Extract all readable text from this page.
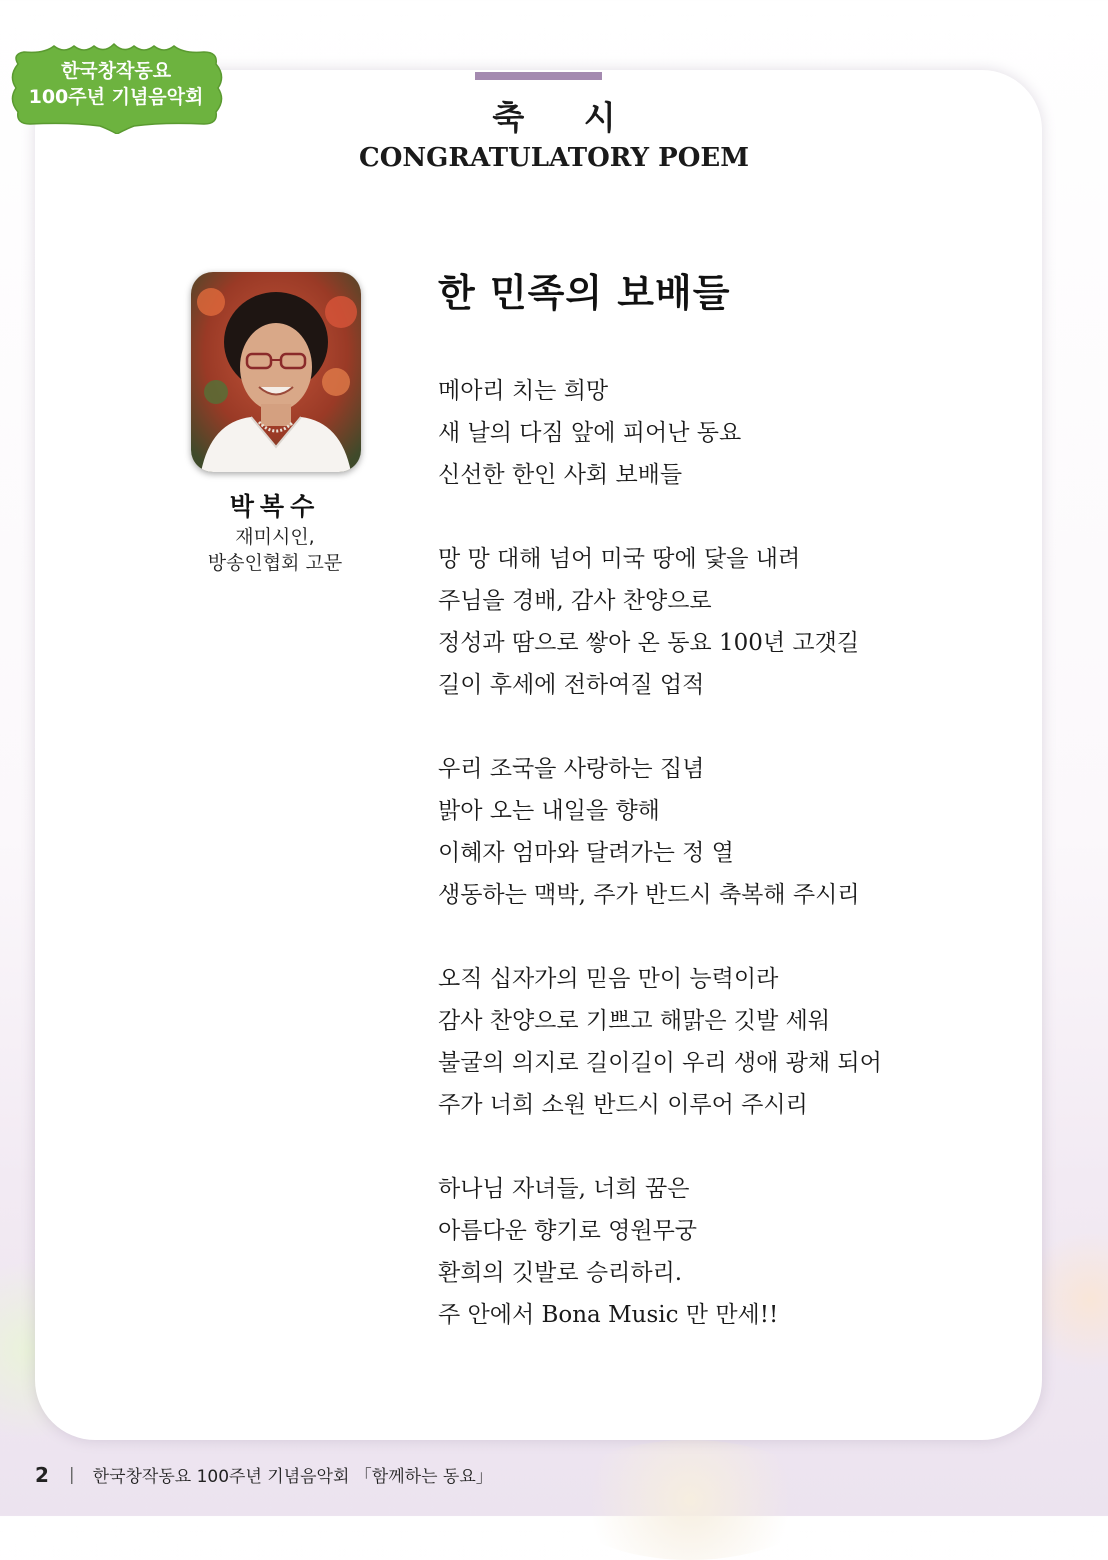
한국창작동요
100주년 기념음악회
축 시
CONGRATULATORY POEM
박복수
재미시인,
방송인협회 고문
한 민족의 보배들
메아리 치는 희망
새 날의 다짐 앞에 피어난 동요
신선한 한인 사회 보배들
망 망 대해 넘어 미국 땅에 닻을 내려
주님을 경배, 감사 찬양으로
정성과 땀으로 쌓아 온 동요 100년 고갯길
길이 후세에 전하여질 업적
우리 조국을 사랑하는 집념
밝아 오는 내일을 향해
이혜자 엄마와 달려가는 정 열
생동하는 맥박, 주가 반드시 축복해 주시리
오직 십자가의 믿음 만이 능력이라
감사 찬양으로 기쁘고 해맑은 깃발 세워
불굴의 의지로 길이길이 우리 생애 광채 되어
주가 너희 소원 반드시 이루어 주시리
하나님 자녀들, 너희 꿈은
아름다운 향기로 영원무궁
환희의 깃발로 승리하리.
주 안에서 Bona Music 만 만세!!
2 | 한국창작동요 100주년 기념음악회 「함께하는 동요」
